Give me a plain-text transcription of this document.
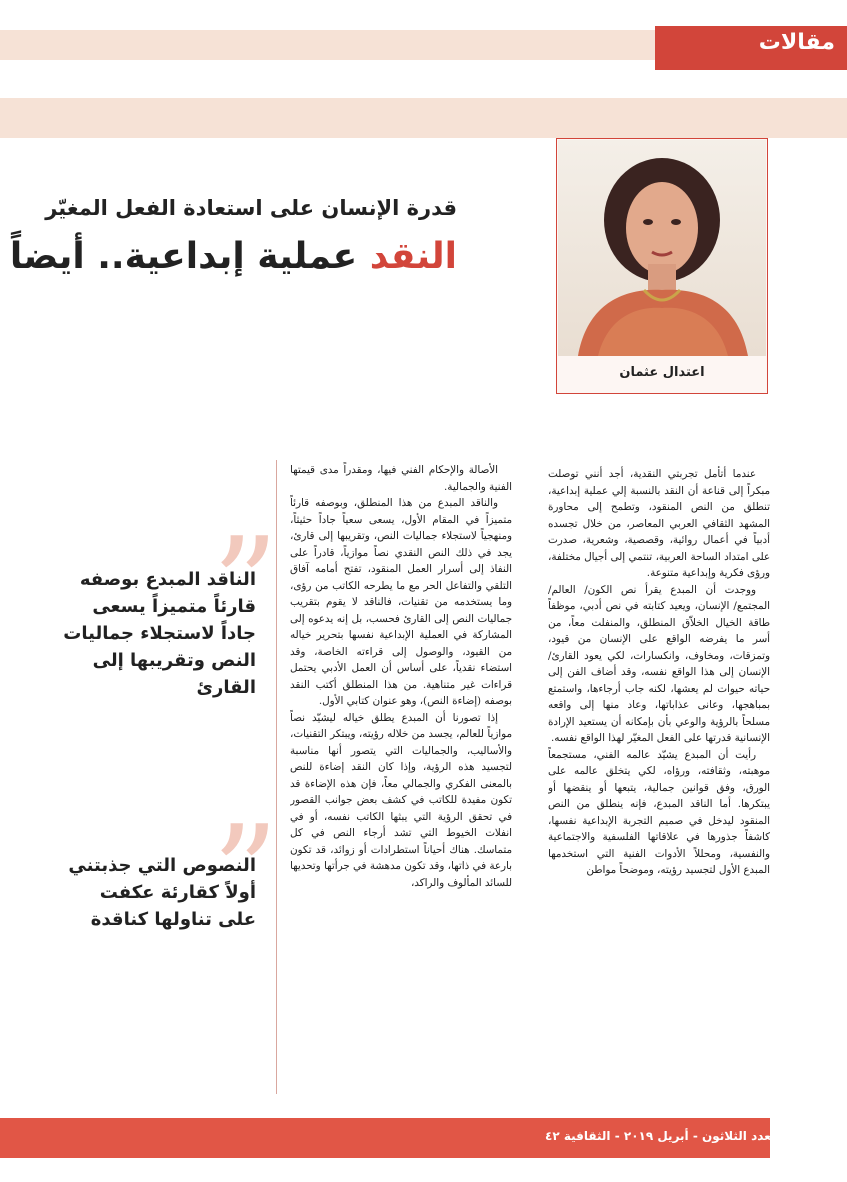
مقالات
اعتدال عثمان
قدرة الإنسان على استعادة الفعل المغيّر
النقد عملية إبداعية.. أيضاً

عندما أتأمل تجربتي النقدية، أجد أنني توصلت مبكراً إلى قناعة أن النقد بالنسبة إلي عملية إبداعية، تنطلق من النص المنقود، وتطمح إلى محاورة المشهد الثقافي العربي المعاصر، من خلال تجسده أدبياً في أعمال روائية، وقصصية، وشعرية، صدرت على امتداد الساحة العربية، تنتمي إلى أجيال مختلفة، ورؤى فكرية وإبداعية متنوعة.

ووجدت أن المبدع يقرأ نص الكون/ العالم/ المجتمع/ الإنسان، ويعيد كتابته في نص أدبي، موظفاً طاقة الخيال الخلاّق المنطلق، والمنفلت معاً، من أسر ما يفرضه الواقع على الإنسان من قيود، وتمزقات، ومخاوف، وانكسارات، لكي يعود القارئ/ الإنسان إلى هذا الواقع نفسه، وقد أضاف الفن إلى حياته حيوات لم يعشها، لكنه جاب أرجاءها، واستمتع بمباهجها، وعانى عذاباتها، وعاد منها إلى واقعه مسلحاً بالرؤية والوعي بأن بإمكانه أن يستعيد الإرادة الإنسانية قدرتها على الفعل المغيّر لهذا الواقع نفسه.

رأيت أن المبدع يشيّد عالمه الفني، مستجمعاً موهبته، وثقافته، ورؤاه، لكي يتخلق عالمه على الورق، وفق قوانين جمالية، يتبعها أو ينقضها أو يبتكرها. أما الناقد المبدع، فإنه ينطلق من النص المنقود ليدخل في صميم التجربة الإبداعية نفسها، كاشفاً جذورها في علاقاتها الفلسفية والاجتماعية والنفسية، ومحللاً الأدوات الفنية التي استخدمها المبدع الأول لتجسيد رؤيته، وموضحاً مواطن

الأصالة والإحكام الفني فيها، ومقدراً مدى قيمتها الفنية والجمالية.

والناقد المبدع من هذا المنطلق، وبوصفه قارئاً متميزاً في المقام الأول، يسعى سعياً جاداً حثيثاً، ومنهجياً لاستجلاء جماليات النص، وتقريبها إلى قارئ، يجد في ذلك النص النقدي نصاً موازياً، قادراً على النفاذ إلى أسرار العمل المنقود، تفتح أمامه آفاق التلقي والتفاعل الحر مع ما يطرحه الكاتب من رؤى، وما يستخدمه من تقنيات، فالناقد لا يقوم بتقريب جماليات النص إلى القارئ فحسب، بل إنه يدعوه إلى المشاركة في العملية الإبداعية نفسها بتحرير خياله من القيود، والوصول إلى قراءته الخاصة، وقد استضاء نقدياً، على أساس أن العمل الأدبي يحتمل قراءات غير متناهية. من هذا المنطلق أكتب النقد بوصفه (إضاءة النص)، وهو عنوان كتابي الأول.

إذا تصورنا أن المبدع يطلق خياله ليشيّد نصاً موازياً للعالم، يجسد من خلاله رؤيته، ويبتكر التقنيات، والأساليب، والجماليات التي يتصور أنها مناسبة لتجسيد هذه الرؤية، وإذا كان النقد إضاءة للنص بالمعنى الفكري والجمالي معاً، فإن هذه الإضاءة قد تكون مفيدة للكاتب في كشف بعض جوانب القصور في تحقق الرؤية التي يبثها الكاتب نفسه، أو في انفلات الخيوط التي تشد أرجاء النص في كل متماسك. هناك أحياناً استطرادات أو زوائد، قد تكون بارعة في ذاتها، وقد تكون مدهشة في جرأتها وتحديها للسائد المألوف والراكد،

”
الناقد المبدع بوصفه قارئاً متميزاً يسعى جاداً لاستجلاء جماليات النص وتقريبها إلى القارئ
”
النصوص التي جذبتني أولاً كقارئة عكفت على تناولها كناقدة
العدد الثلاثون - أبريل ٢٠١٩ - الثقافية ٤٢
